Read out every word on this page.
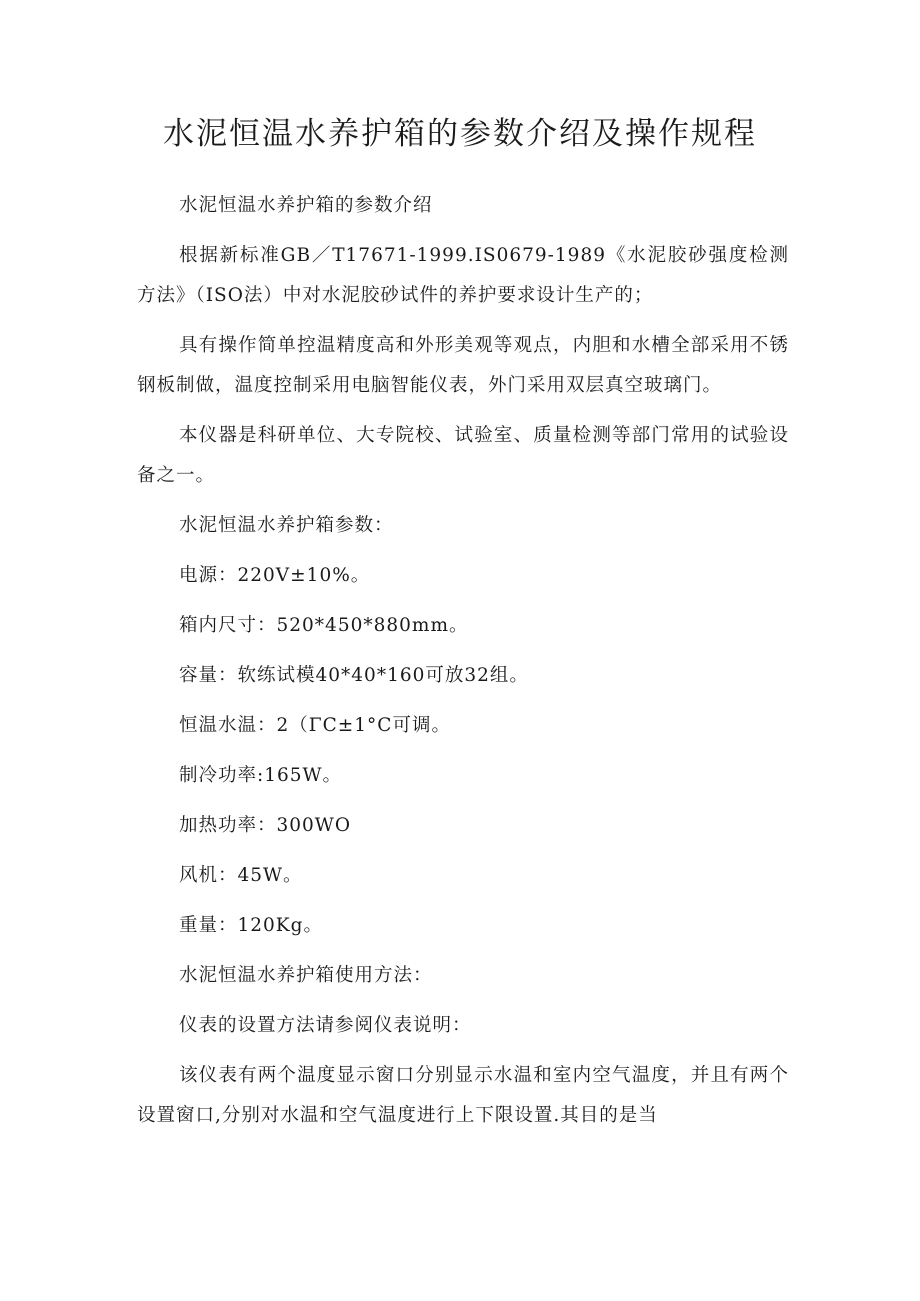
水泥恒温水养护箱的参数介绍及操作规程

水泥恒温水养护箱的参数介绍

根据新标准GB／T17671-1999.IS0679-1989《水泥胶砂强度检测方法》（ISO法）中对水泥胶砂试件的养护要求设计生产的；

具有操作简单控温精度高和外形美观等观点，内胆和水槽全部采用不锈钢板制做，温度控制采用电脑智能仪表，外门采用双层真空玻璃门。

本仪器是科研单位、大专院校、试验室、质量检测等部门常用的试验设备之一。

水泥恒温水养护箱参数：

电源：220V±10%。

箱内尺寸：520*450*880mm。

容量：软练试模40*40*160可放32组。

恒温水温：2（ΓC±1°C可调。

制冷功率:165W。

加热功率：300WO

风机：45W。

重量：120Kg。

水泥恒温水养护箱使用方法：

仪表的设置方法请参阅仪表说明：

该仪表有两个温度显示窗口分别显示水温和室内空气温度，并且有两个设置窗口,分别对水温和空气温度进行上下限设置.其目的是当
